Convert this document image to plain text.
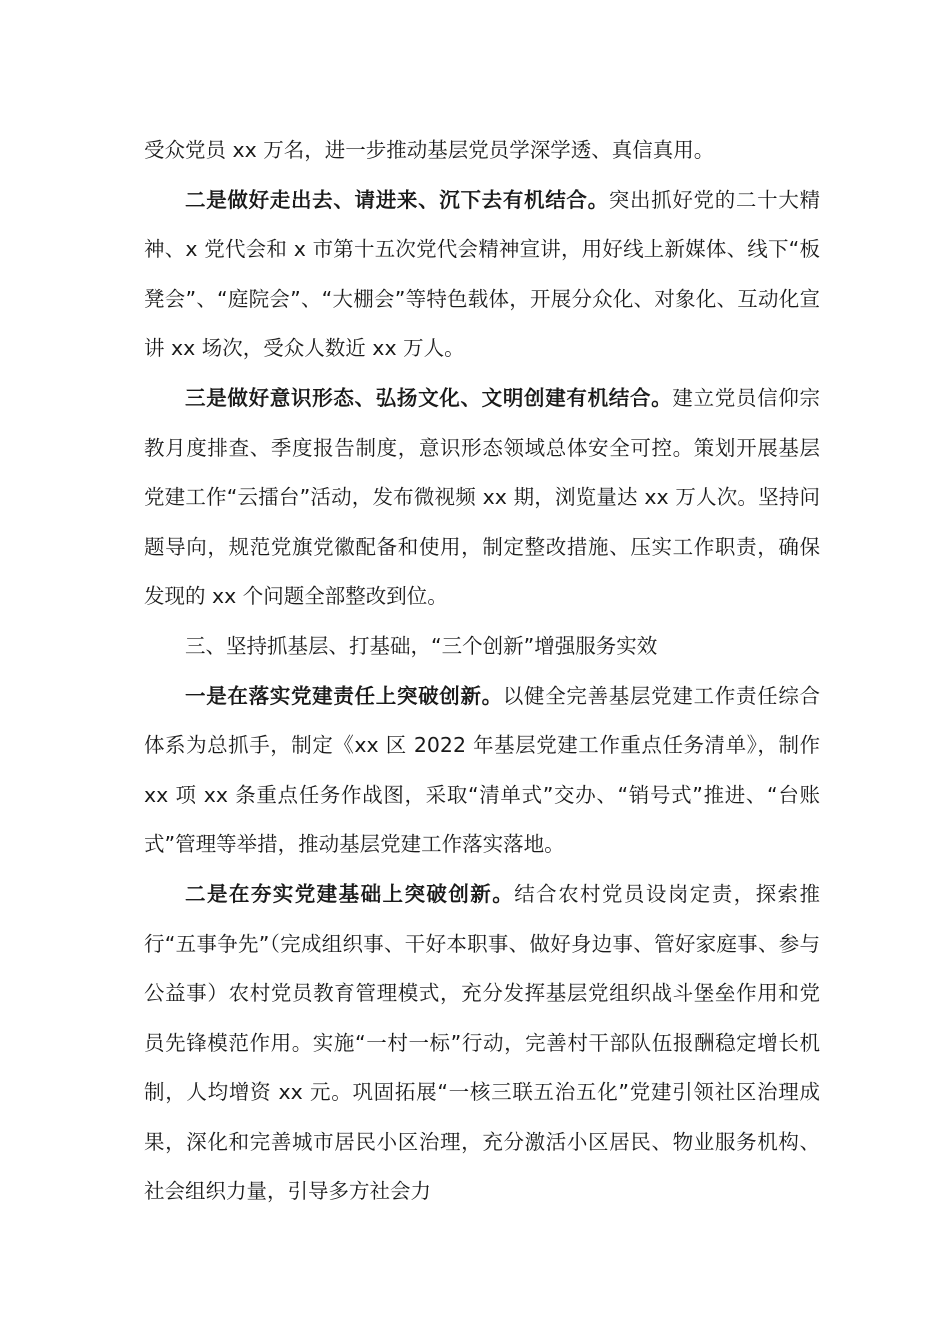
受众党员 xx 万名，进一步推动基层党员学深学透、真信真用。

二是做好走出去、请进来、沉下去有机结合。突出抓好党的二十大精神、x 党代会和 x 市第十五次党代会精神宣讲，用好线上新媒体、线下“板凳会”、“庭院会”、“大棚会”等特色载体，开展分众化、对象化、互动化宣讲 xx 场次，受众人数近 xx 万人。

三是做好意识形态、弘扬文化、文明创建有机结合。建立党员信仰宗教月度排查、季度报告制度，意识形态领域总体安全可控。策划开展基层党建工作“云擂台”活动，发布微视频 xx 期，浏览量达 xx 万人次。坚持问题导向，规范党旗党徽配备和使用，制定整改措施、压实工作职责，确保发现的 xx 个问题全部整改到位。

三、坚持抓基层、打基础，“三个创新”增强服务实效

一是在落实党建责任上突破创新。以健全完善基层党建工作责任综合体系为总抓手，制定《xx 区 2022 年基层党建工作重点任务清单》，制作 xx 项 xx 条重点任务作战图，采取“清单式”交办、“销号式”推进、“台账式”管理等举措，推动基层党建工作落实落地。

二是在夯实党建基础上突破创新。结合农村党员设岗定责，探索推行“五事争先”（完成组织事、干好本职事、做好身边事、管好家庭事、参与公益事）农村党员教育管理模式，充分发挥基层党组织战斗堡垒作用和党员先锋模范作用。实施“一村一标”行动，完善村干部队伍报酬稳定增长机制，人均增资 xx 元。巩固拓展“一核三联五治五化”党建引领社区治理成果，深化和完善城市居民小区治理，充分激活小区居民、物业服务机构、社会组织力量，引导多方社会力
